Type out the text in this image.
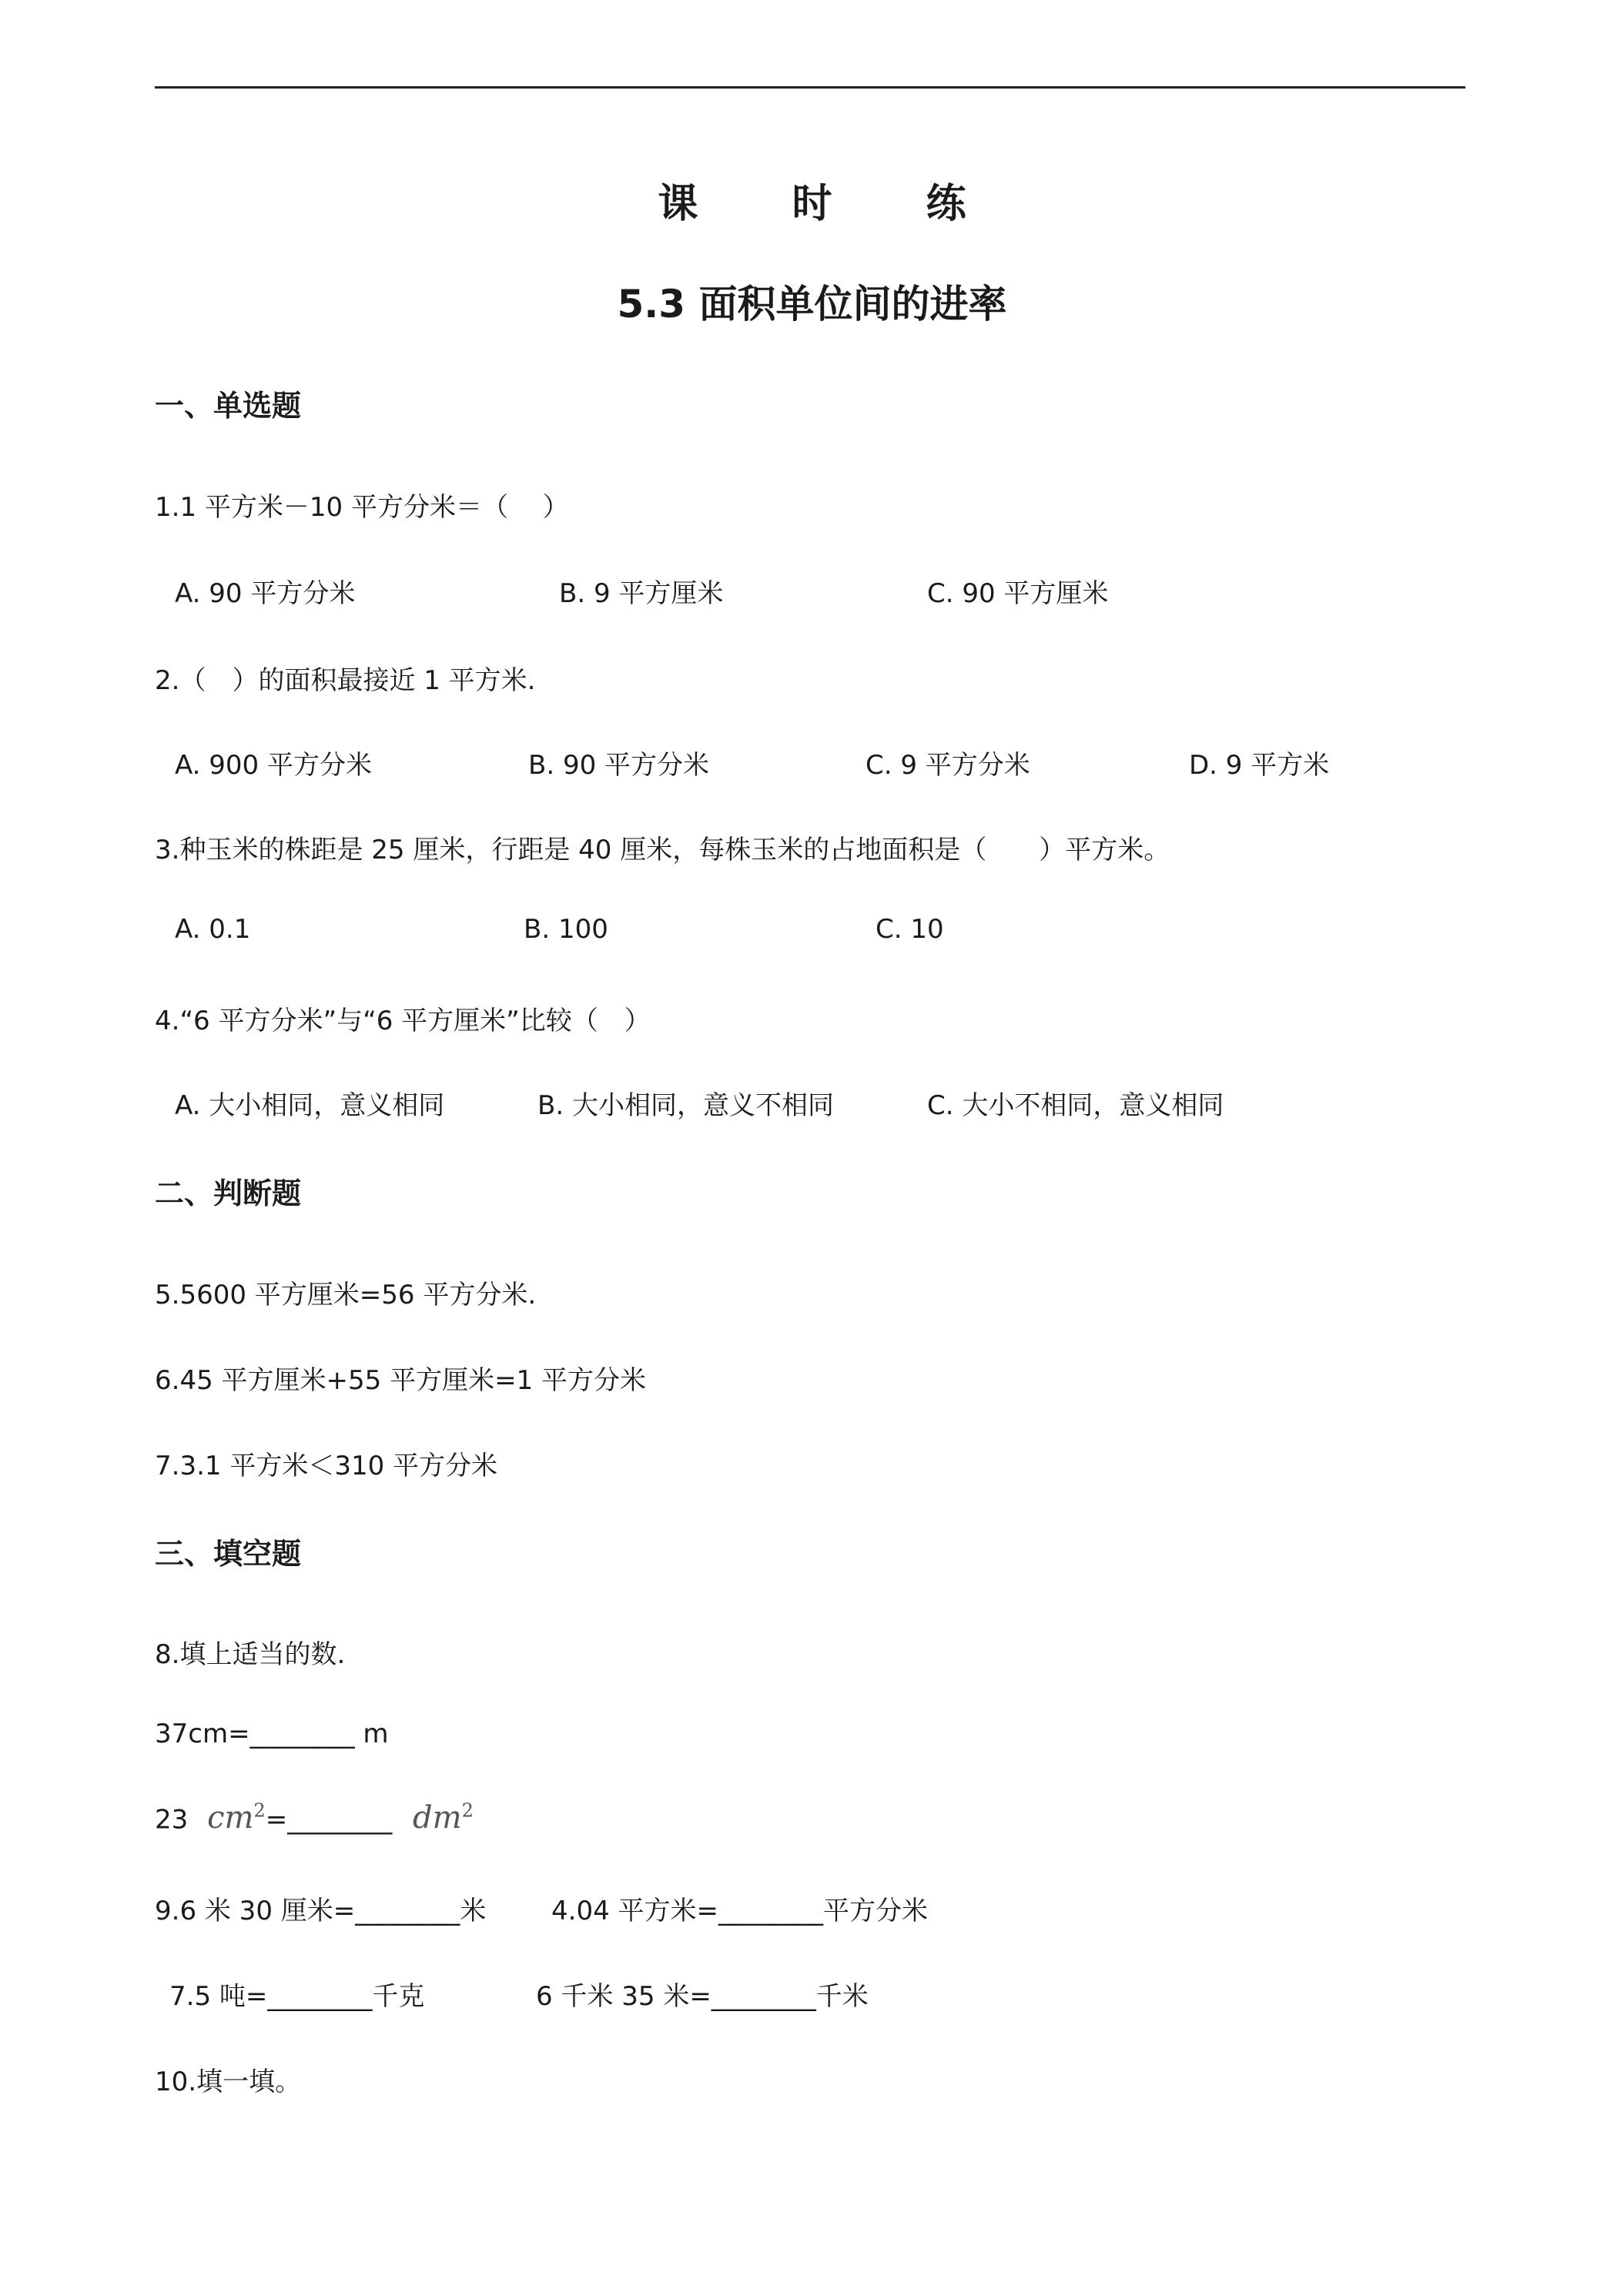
课 时 练
5.3 面积单位间的进率
一、单选题
1.1 平方米－10 平方分米＝（　 ）
A. 90 平方分米	B. 9 平方厘米	C. 90 平方厘米
2.（　）的面积最接近 1 平方米.
A. 900 平方分米	B. 90 平方分米	C. 9 平方分米	D. 9 平方米
3.种玉米的株距是 25 厘米，行距是 40 厘米，每株玉米的占地面积是（　　）平方米。
A. 0.1	B. 100	C. 10
4.“6 平方分米”与“6 平方厘米”比较（　）
A. 大小相同，意义相同	B. 大小相同，意义不相同	C. 大小不相同，意义相同
二、判断题
5.5600 平方厘米=56 平方分米.
6.45 平方厘米+55 平方厘米=1 平方分米
7.3.1 平方米＜310 平方分米
三、填空题
8.填上适当的数.
37cm=________ m
23 $cm^2=\_\_\_\_\_\_\_\_$ $dm^2$
9.6 米 30 厘米=________米 4.04 平方米=________平方分米
7.5 吨=________千克	6 千米 35 米=________千米
10.填一填。
